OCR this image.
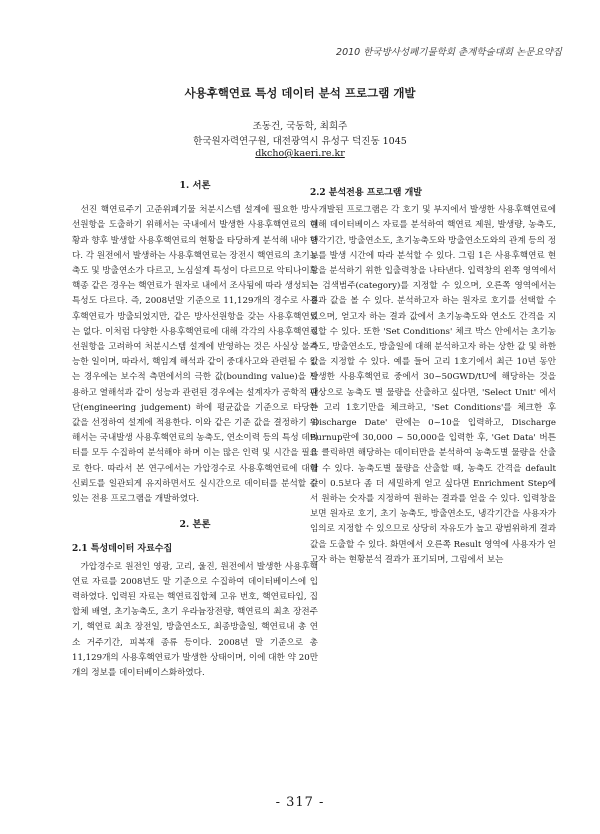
2010 한국방사성폐기물학회 춘계학술대회 논문요약집
사용후핵연료 특성 데이터 분석 프로그램 개발
조동건, 국동학, 최희주
한국원자력연구원, 대전광역시 유성구 덕진동 1045
dkcho@kaeri.re.kr
1. 서론

선진 핵연료주기 고준위폐기물 처분시스템 설계에 필요한 방사선원항을 도출하기 위해서는 국내에서 발생한 사용후핵연료의 현황과 향후 발생할 사용후핵연료의 현황을 타당하게 분석해 내야 한다. 각 원전에서 발생하는 사용후핵연료는 장전시 핵연료의 초기농축도 및 방출연소가 다르고, 노심설계 특성이 다르므로 악티나이드 핵종 같은 경우는 핵연료가 원자로 내에서 조사됨에 따라 생성되는 특성도 다르다. 즉, 2008년말 기준으로 11,129개의 경수로 사용후핵연료가 방출되었지만, 같은 방사선원항을 갖는 사용후핵연료는 없다. 이처럼 다양한 사용후핵연료에 대해 각각의 사용후핵연료 선원항을 고려하여 처분시스템 설계에 반영하는 것은 사실상 불가능한 일이며, 따라서, 핵임계 해석과 같이 중대사고와 관련될 수 있는 경우에는 보수적 측면에서의 극한 값(bounding value)을 사용하고 열해석과 같이 성능과 관련된 경우에는 설계자가 공학적 판단(engineering judgement) 하에 평균값을 기준으로 타당한 값을 선정하여 설계에 적용한다. 이와 같은 기준 값을 결정하기 위해서는 국내발생 사용후핵연료의 농축도, 연소이력 등의 특성 데이터를 모두 수집하여 분석해야 하며 이는 많은 인력 및 시간을 필요로 한다. 따라서 본 연구에서는 가압경수로 사용후핵연료에 대해 신뢰도를 일관되게 유지하면서도 실시간으로 데이터를 분석할 수 있는 전용 프로그램을 개발하였다.

2. 본론
2.1 특성데이터 자료수집

가압경수로 원전인 영광, 고리, 울진, 원전에서 발생한 사용후핵연료 자료를 2008년도 말 기준으로 수집하여 데이터베이스에 입력하였다. 입력된 자료는 핵연료집합체 고유 번호, 핵연료타입, 집합체 배열, 초기농축도, 초기 우라늄장전량, 핵연료의 최초 장전주기, 핵연료 최초 장전일, 방출연소도, 최종방출일, 핵연료내 총 연소 거주기간, 피복재 종류 등이다. 2008년 말 기준으로 총 11,129개의 사용후핵연료가 발생한 상태이며, 이에 대한 약 20만개의 정보를 데이터베이스화하였다.

2.2 분석전용 프로그램 개발

개발된 프로그램은 각 호기 및 부지에서 발생한 사용후핵연료에 대해 데이터베이스 자료를 분석하여 핵연료 제원, 발생량, 농축도, 냉각기간, 방출연소도, 초기농축도와 방출연소도와의 관계 등의 정보를 발생 시간에 따라 분석할 수 있다. 그림 1은 사용후핵연료 현황을 분석하기 위한 입출력창을 나타낸다. 입력창의 왼쪽 영역에서는 검색범주(category)를 지정할 수 있으며, 오른쪽 영역에서는 결과 값을 볼 수 있다. 분석하고자 하는 원자로 호기를 선택할 수 있으며, 얻고자 하는 결과 값에서 초기농축도와 연소도 간격을 지정할 수 있다. 또한 'Set Conditions' 체크 박스 안에서는 초기농축도, 방출연소도, 방출일에 대해 분석하고자 하는 상한 값 및 하한값을 지정할 수 있다. 예를 들어 고리 1호기에서 최근 10년 동안 발생한 사용후핵연료 중에서 30~50GWD/tU에 해당하는 것을 대상으로 농축도 별 물량을 산출하고 싶다면, 'Select Unit' 에서는 고리 1호기만을 체크하고, 'Set Conditions'를 체크한 후 'Discharge Date' 란에는 0~10을 입력하고, Discharge Burnup란에 30,000 ~ 50,000을 입력한 후, 'Get Data' 버튼을 클릭하면 해당하는 데이터만을 분석하여 농축도별 물량을 산출할 수 있다. 농축도별 물량을 산출할 때, 농축도 간격을 default 값이 0.5보다 좀 더 세밀하게 얻고 싶다면 Enrichment Step에서 원하는 숫자를 지정하여 원하는 결과를 얻을 수 있다. 입력창을 보면 원자로 호기, 초기 농축도, 방출연소도, 냉각기간을 사용자가 임의로 지정할 수 있으므로 상당히 자유도가 높고 광범위하게 결과 값을 도출할 수 있다. 화면에서 오른쪽 Result 영역에 사용자가 얻고자 하는 현황분석 결과가 표기되며, 그림에서 보는

- 317 -
